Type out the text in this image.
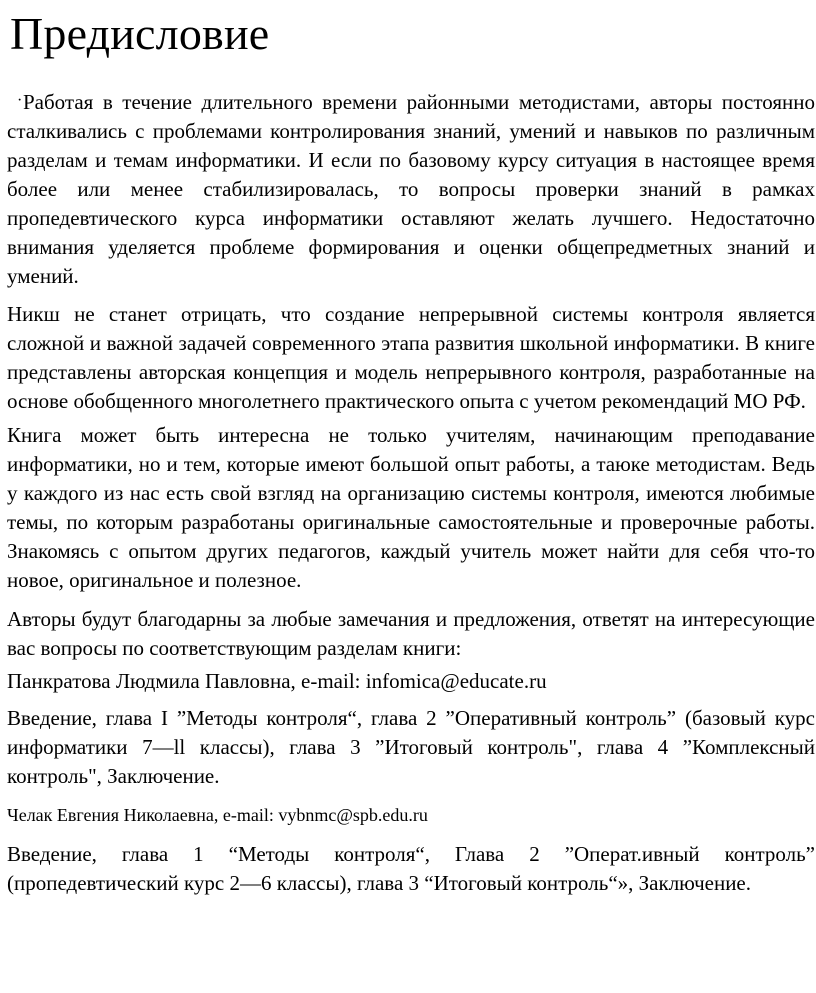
Предисловие

· Работая в течение длительного времени районными методистами, авторы постоянно сталкивались с проблемами контролирования знаний, умений и навыков по различным разделам и темам информатики. И если по базовому курсу ситуация в настоящее время более или менее стабилизировалась, то вопросы проверки знаний в рамках пропедевтического курса информатики оставляют желать лучшего. Недостаточно внимания уделяется проблеме формирования и оценки общепредметных знаний и умений.

Никш не станет отрицать, что создание непрерывной системы контроля является сложной и важной задачей современного этапа развития школьной информатики. В книге представлены авторская концепция и модель непрерывного контроля, разработанные на основе обобщенного многолетнего практического опыта с учетом рекомендаций МО РФ.

Книга может быть интересна не только учителям, начинающим преподавание информатики, но и тем, которые имеют большой опыт работы, а таюке методистам. Ведь у каждого из нас есть свой взгляд на организацию системы контроля, имеются любимые темы, по которым разработаны оригинальные самостоятельные и проверочные работы. Знакомясь с опытом других педагогов, каждый учитель может найти для себя что-то новое, оригинальное и полезное.

Авторы будут благодарны за любые замечания и предложения, ответят на интересующие вас вопросы по соответствующим разделам книги:

Панкратова Людмила Павловна, e-mail: infomica@educate.ru

Введение, глава I ”Методы контроля“, глава 2 ”Оперативный контроль” (базовый курс информатики 7—ll классы), глава 3 ”Итоговый контроль", глава 4 ”Комплексный контроль", Заключение.

Челак Евгения Николаевна, e-mail: vybnmc@spb.edu.ru

Введение, глава 1 “Методы контроля“, Глава 2 ”Операт.ивный контроль” (пропедевтический курс 2—6 классы), глава 3 “Итоговый контроль“», Заключение.
